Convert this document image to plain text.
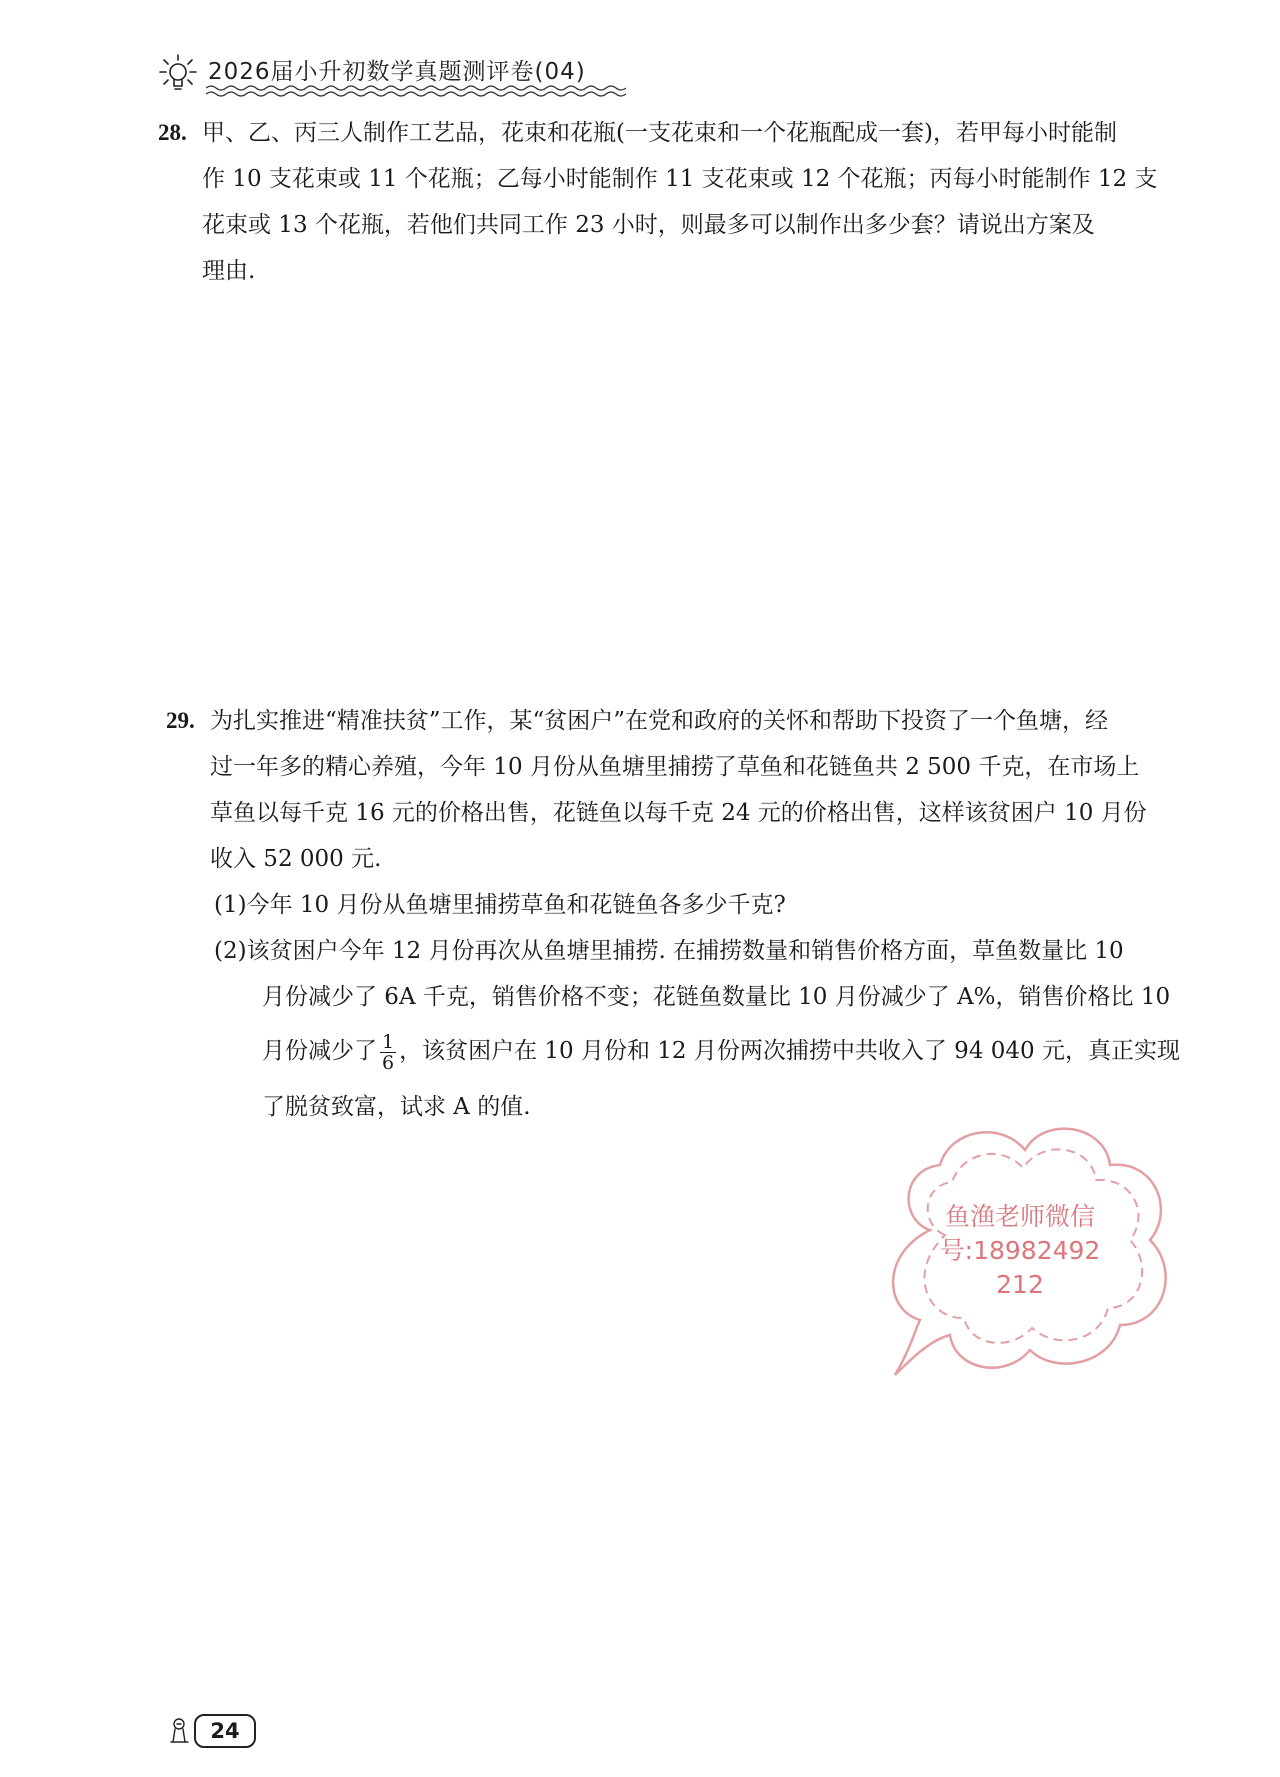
2026届小升初数学真题测评卷(04)
28. 甲、乙、丙三人制作工艺品，花束和花瓶(一支花束和一个花瓶配成一套)，若甲每小时能制
作 10 支花束或 11 个花瓶；乙每小时能制作 11 支花束或 12 个花瓶；丙每小时能制作 12 支
花束或 13 个花瓶，若他们共同工作 23 小时，则最多可以制作出多少套？请说出方案及
理由.
29. 为扎实推进“精准扶贫”工作，某“贫困户”在党和政府的关怀和帮助下投资了一个鱼塘，经
过一年多的精心养殖，今年 10 月份从鱼塘里捕捞了草鱼和花链鱼共 2 500 千克，在市场上
草鱼以每千克 16 元的价格出售，花链鱼以每千克 24 元的价格出售，这样该贫困户 10 月份
收入 52 000 元.
(1)今年 10 月份从鱼塘里捕捞草鱼和花链鱼各多少千克?
(2)该贫困户今年 12 月份再次从鱼塘里捕捞. 在捕捞数量和销售价格方面，草鱼数量比 10
月份减少了 6A 千克，销售价格不变；花链鱼数量比 10 月份减少了 A%，销售价格比 10
月份减少了 $\frac{1}{6}$ ，该贫困户在 10 月份和 12 月份两次捕捞中共收入了 94 040 元，真正实现
了脱贫致富，试求 A 的值.
鱼渔老师微信
号:18982492
212
24
